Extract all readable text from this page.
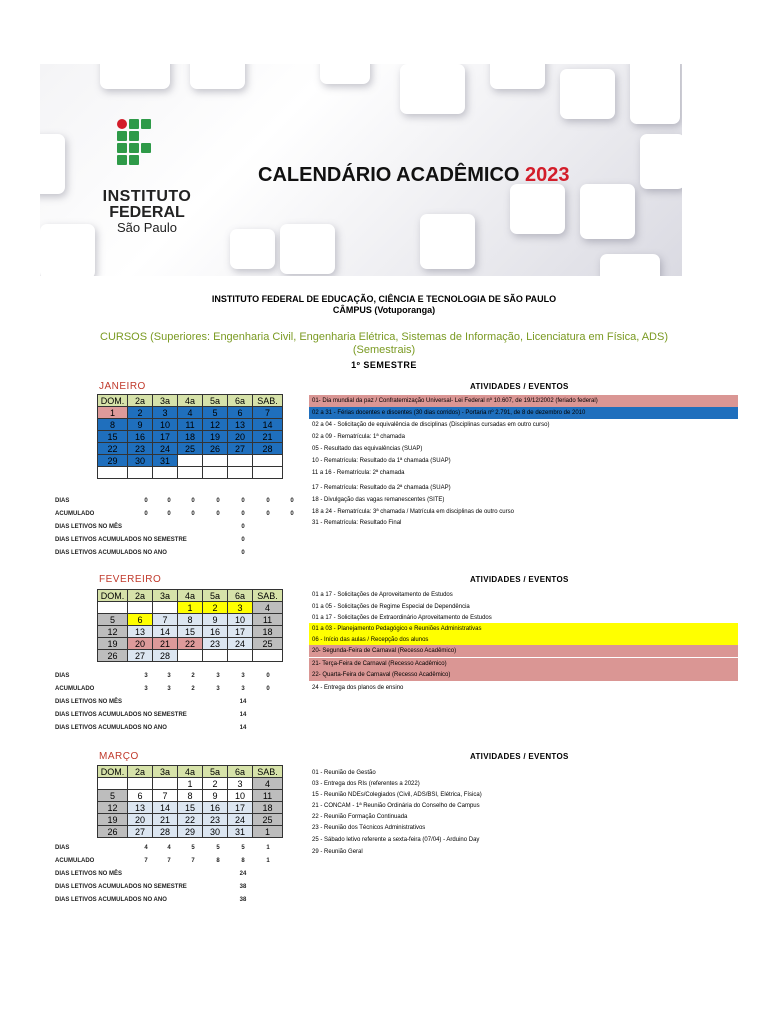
INSTITUTO
FEDERAL
São Paulo
CALENDÁRIO ACADÊMICO 2023
INSTITUTO FEDERAL DE EDUCAÇÃO, CIÊNCIA E TECNOLOGIA DE SÃO PAULO
CÂMPUS (Votuporanga)
CURSOS (Superiores: Engenharia Civil, Engenharia Elétrica, Sistemas de Informação, Licenciatura em Física, ADS)
(Semestrais)
1º SEMESTRE
JANEIRO
DOM.	2a	3a	4a	5a	6a	SAB.
1	2	3	4	5	6	7
8	9	10	11	12	13	14
15	16	17	18	19	20	21
22	23	24	25	26	27	28
29	30	31				

DIAS	0	0	0	0	0	0	0
ACUMULADO	0	0	0	0	0	0	0
DIAS LETIVOS NO MÊS	0
DIAS LETIVOS ACUMULADOS NO SEMESTRE	0
DIAS LETIVOS ACUMULADOS NO ANO	0
ATIVIDADES / EVENTOS
01- Dia mundial da paz / Confraternização Universal- Lei Federal nº 10.607, de 19/12/2002 (feriado federal)
02 a 31 - Férias docentes e discentes (30 dias corridos) - Portaria nº 2.791, de 8 de dezembro de 2010
02 a 04 - Solicitação de equivalência de disciplinas (Disciplinas cursadas em outro curso)
02 a 09 - Rematrícula: 1ª chamada
05 - Resultado das equivalências (SUAP)
10 - Rematrícula: Resultado da 1ª chamada (SUAP)
11 a 16 - Rematrícula: 2ª chamada
17 - Rematrícula: Resultado da 2ª chamada (SUAP)
18 - Divulgação das vagas remanescentes (SITE)
18 a 24 - Rematrícula: 3ª chamada / Matrícula em disciplinas de outro curso
31 - Rematrícula: Resultado Final
FEVEREIRO
DOM.	2a	3a	4a	5a	6a	SAB.
			1	2	3	4
5	6	7	8	9	10	11
12	13	14	15	16	17	18
19	20	21	22	23	24	25
26	27	28				
DIAS	3	3	2	3	3	0
ACUMULADO	3	3	2	3	3	0
DIAS LETIVOS NO MÊS	14
DIAS LETIVOS ACUMULADOS NO SEMESTRE	14
DIAS LETIVOS ACUMULADOS NO ANO	14
ATIVIDADES / EVENTOS
01 a 17 - Solicitações de Aproveitamento de Estudos
01 a 05 - Solicitações de Regime Especial de Dependência
01 a 17 - Solicitações de Extraordinário Aproveitamento de Estudos
01 a 03 - Planejamento Pedagógico e Reuniões Administrativas
06 - Início das aulas / Recepção dos alunos
20- Segunda-Feira de Carnaval (Recesso Acadêmico)
21- Terça-Feira de Carnaval (Recesso Acadêmico)
22- Quarta-Feira de Carnaval (Recesso Acadêmico)
24 - Entrega dos planos de ensino
MARÇO
DOM.	2a	3a	4a	5a	6a	SAB.
			1	2	3	4
5	6	7	8	9	10	11
12	13	14	15	16	17	18
19	20	21	22	23	24	25
26	27	28	29	30	31	1
DIAS	4	4	5	5	5	1
ACUMULADO	7	7	7	8	8	1
DIAS LETIVOS NO MÊS	24
DIAS LETIVOS ACUMULADOS NO SEMESTRE	38
DIAS LETIVOS ACUMULADOS NO ANO	38
ATIVIDADES / EVENTOS
01 - Reunião de Gestão
03 - Entrega dos RIs (referentes a 2022)
15 - Reunião NDEs/Colegiados (Civil, ADS/BSI, Elétrica, Física)
21 - CONCAM - 1ª Reunião Ordinária do Conselho de Campus
22 - Reunião Formação Continuada
23 - Reunião dos Técnicos Administrativos
25 - Sábado letivo referente a sexta-feira (07/04) - Arduino Day
29 - Reunião Geral
